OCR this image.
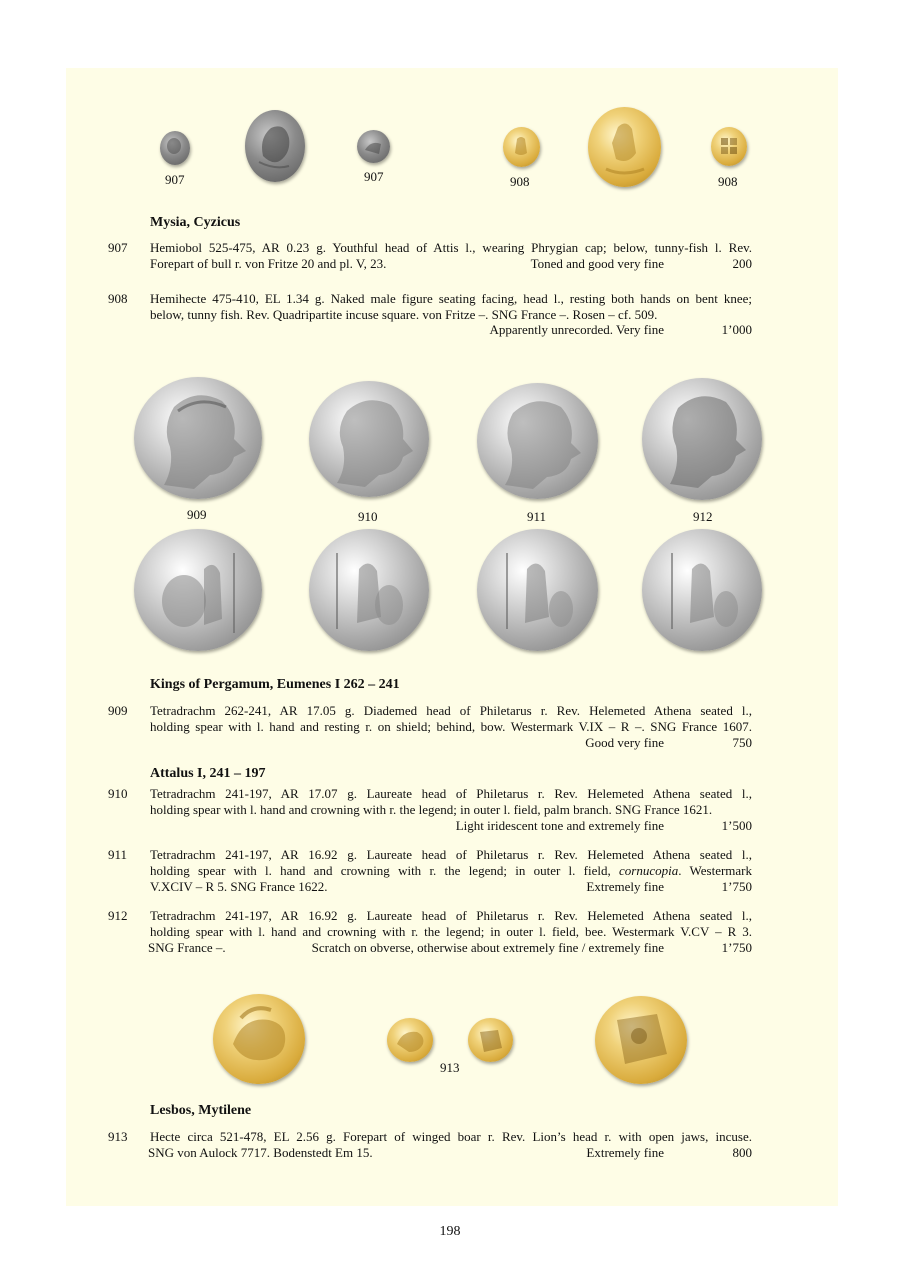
907	907	908	908
Mysia, Cyzicus
907 Hemiobol 525-475, AR 0.23 g. Youthful head of Attis l., wearing Phrygian cap; below, tunny-fish l. Rev.
Forepart of bull r. von Fritze 20 and pl. V, 23.	Toned and good very fine	200
908 Hemihecte 475-410, EL 1.34 g. Naked male figure seating facing, head l., resting both hands on bent knee;
below, tunny fish. Rev. Quadripartite incuse square. von Fritze –. SNG France –. Rosen – cf. 509.
Apparently unrecorded. Very fine	1’000
909	910	911	912
Kings of Pergamum, Eumenes I 262 – 241
909 Tetradrachm 262-241, AR 17.05 g. Diademed head of Philetarus r. Rev. Helemeted Athena seated l.,
holding spear with l. hand and resting r. on shield; behind, bow. Westermark V.IX – R –. SNG France 1607.
Good very fine	750
Attalus I, 241 – 197
910 Tetradrachm 241-197, AR 17.07 g. Laureate head of Philetarus r. Rev. Helemeted Athena seated l.,
holding spear with l. hand and crowning with r. the legend; in outer l. field, palm branch. SNG France 1621.
Light iridescent tone and extremely fine	1’500
911 Tetradrachm 241-197, AR 16.92 g. Laureate head of Philetarus r. Rev. Helemeted Athena seated l.,
holding spear with l. hand and crowning with r. the legend; in outer l. field, cornucopia. Westermark
V.XCIV – R 5. SNG France 1622.	Extremely fine	1’750
912 Tetradrachm 241-197, AR 16.92 g. Laureate head of Philetarus r. Rev. Helemeted Athena seated l.,
holding spear with l. hand and crowning with r. the legend; in outer l. field, bee. Westermark V.CV – R 3.
SNG France –.	Scratch on obverse, otherwise about extremely fine / extremely fine	1’750
913
Lesbos, Mytilene
913 Hecte circa 521-478, EL 2.56 g. Forepart of winged boar r. Rev. Lion’s head r. with open jaws, incuse.
SNG von Aulock 7717. Bodenstedt Em 15.	Extremely fine	800
198
